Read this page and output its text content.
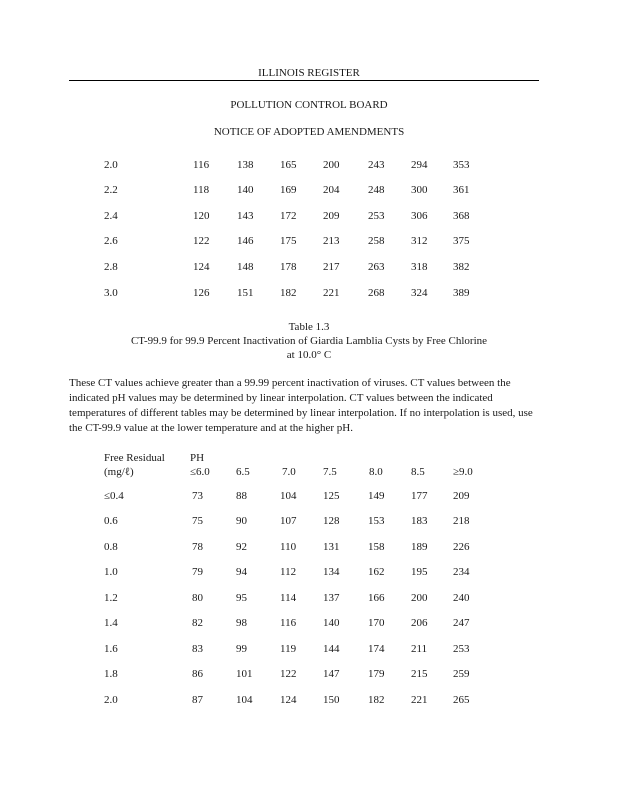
ILLINOIS REGISTER
POLLUTION CONTROL BOARD
NOTICE OF ADOPTED AMENDMENTS
2.0	116	138 165 200	243 294 353
2.2	118	140 169 204	248 300 361
2.4	120	143 172 209	253 306 368
2.6	122	146 175 213	258 312 375
2.8	124	148 178 217	263 318 382
3.0	126	151 182 221	268 324 389
Table 1.3
CT-99.9 for 99.9 Percent Inactivation of Giardia Lamblia Cysts by Free Chlorine
at 10.0° C
These CT values achieve greater than a 99.99 percent inactivation of viruses. CT values between the indicated pH values may be determined by linear interpolation. CT values between the indicated temperatures of different tables may be determined by linear interpolation. If no interpolation is used, use the CT-99.9 value at the lower temperature and at the higher pH.
Free Residual PH
(mg/ℓ)	≤6.0 6.5	7.0 7.5	8.0	8.5	≥9.0
≤0.4	73	88	104 125	149 177 209
0.6	75	90	107 128	153 183 218
0.8	78	92	110 131	158 189 226
1.0	79	94	112 134	162 195 234
1.2	80	95	114 137	166 200 240
1.4	82	98	116 140	170 206 247
1.6	83	99	119 144	174 211 253
1.8	86	101	122 147	179 215 259
2.0	87	104	124 150	182 221 265
